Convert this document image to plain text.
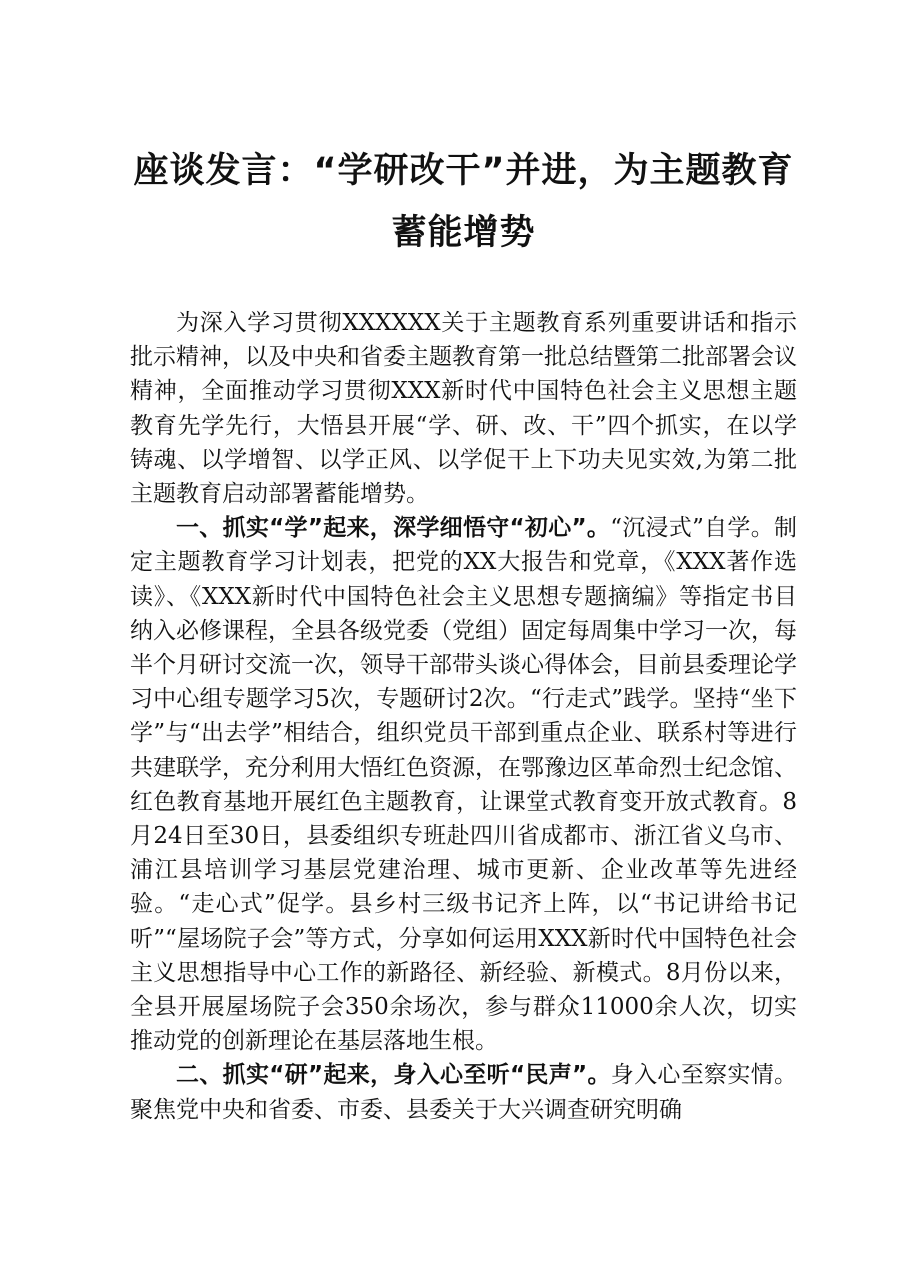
座谈发言：“学研改干”并进，为主题教育蓄能增势

为深入学习贯彻XXXXXX关于主题教育系列重要讲话和指示批示精神，以及中央和省委主题教育第一批总结暨第二批部署会议精神，全面推动学习贯彻XXX新时代中国特色社会主义思想主题教育先学先行，大悟县开展“学、研、改、干”四个抓实，在以学铸魂、以学增智、以学正风、以学促干上下功夫见实效,为第二批主题教育启动部署蓄能增势。

一、抓实“学”起来，深学细悟守“初心”。“沉浸式”自学。制定主题教育学习计划表，把党的XX大报告和党章，《XXX著作选读》、《XXX新时代中国特色社会主义思想专题摘编》等指定书目纳入必修课程，全县各级党委（党组）固定每周集中学习一次，每半个月研讨交流一次，领导干部带头谈心得体会，目前县委理论学习中心组专题学习5次，专题研讨2次。“行走式”践学。坚持“坐下学”与“出去学”相结合，组织党员干部到重点企业、联系村等进行共建联学，充分利用大悟红色资源，在鄂豫边区革命烈士纪念馆、红色教育基地开展红色主题教育，让课堂式教育变开放式教育。8月24日至30日，县委组织专班赴四川省成都市、浙江省义乌市、浦江县培训学习基层党建治理、城市更新、企业改革等先进经验。“走心式”促学。县乡村三级书记齐上阵，以“书记讲给书记听”“屋场院子会”等方式，分享如何运用XXX新时代中国特色社会主义思想指导中心工作的新路径、新经验、新模式。8月份以来，全县开展屋场院子会350余场次，参与群众11000余人次，切实推动党的创新理论在基层落地生根。

二、抓实“研”起来，身入心至听“民声”。身入心至察实情。聚焦党中央和省委、市委、县委关于大兴调查研究明确
